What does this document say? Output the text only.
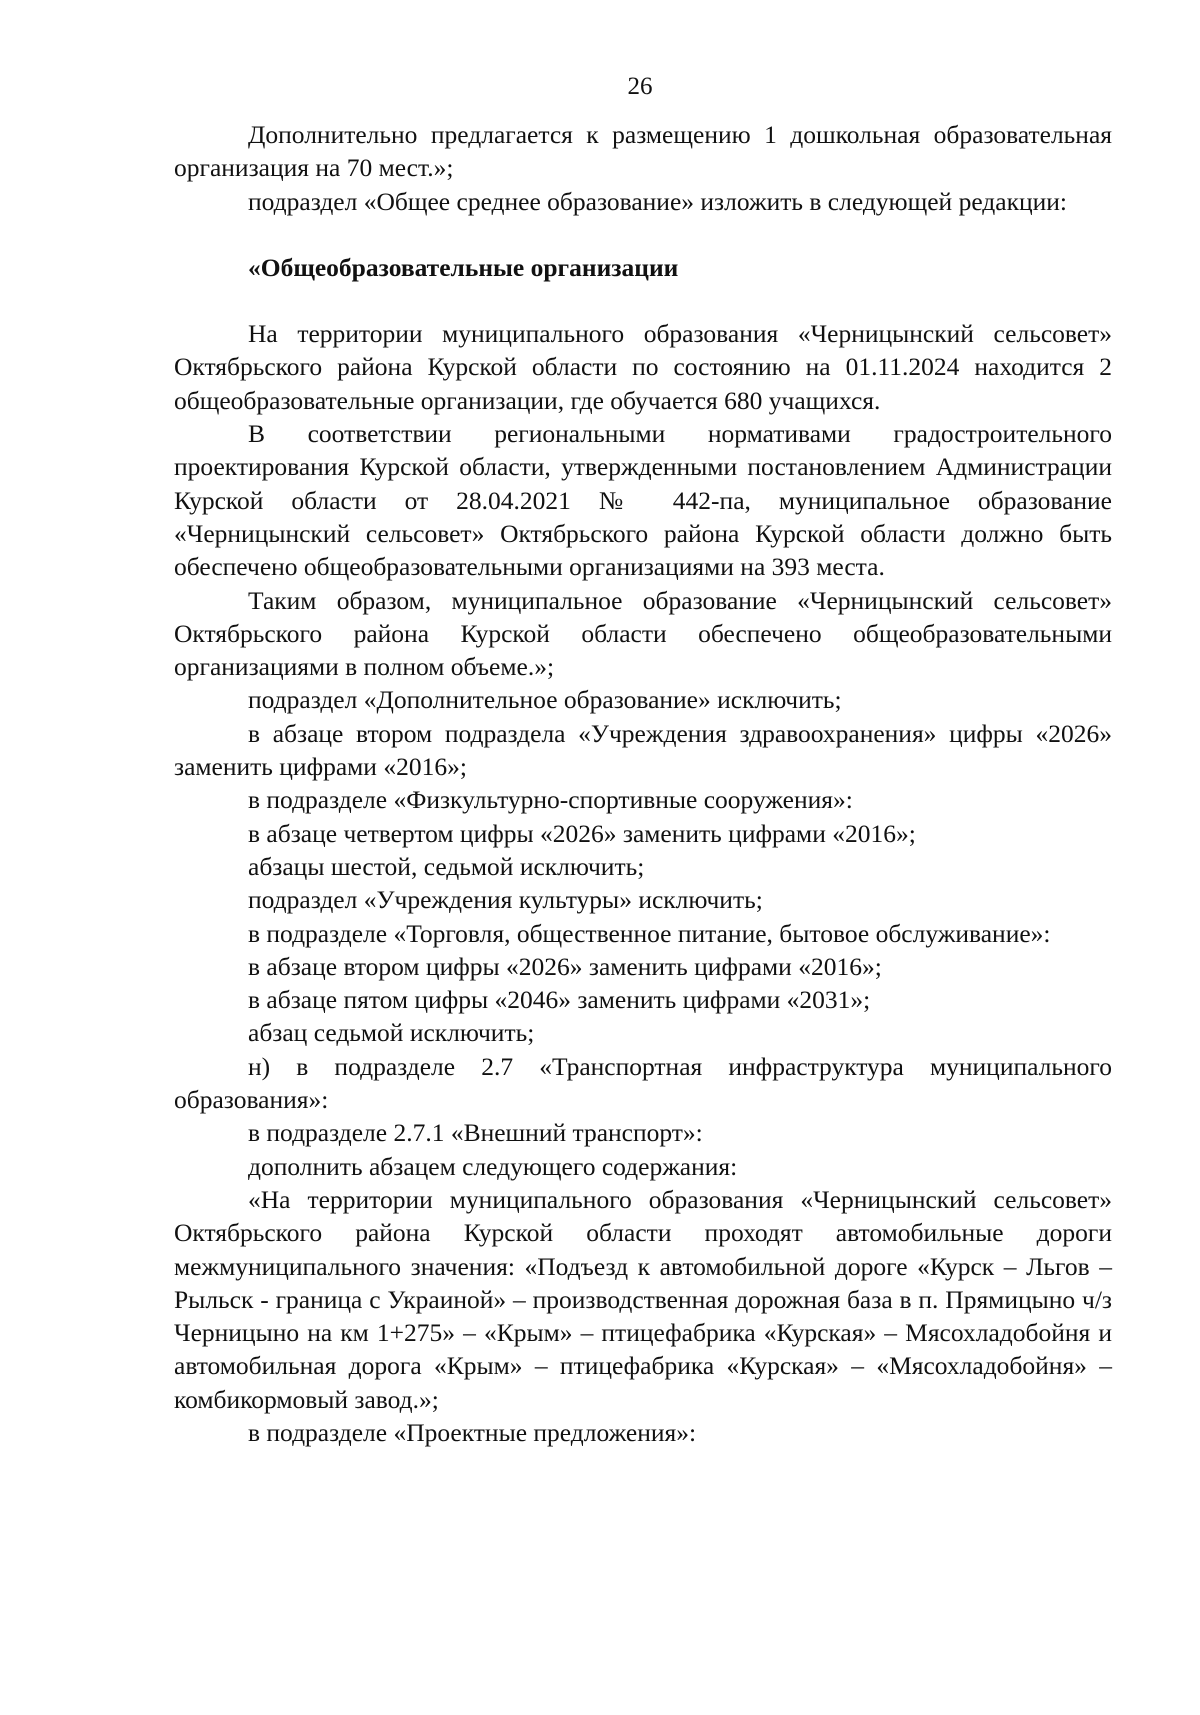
26

Дополнительно предлагается к размещению 1 дошкольная образовательная организация на 70 мест.»;

подраздел «Общее среднее образование» изложить в следующей редакции:

«Общеобразовательные организации

На территории муниципального образования «Черницынский сельсовет» Октябрьского района Курской области по состоянию на 01.11.2024 находится 2 общеобразовательные организации, где обучается 680 учащихся.

В соответствии региональными нормативами градостроительного проектирования Курской области, утвержденными постановлением Администрации Курской области от 28.04.2021 № 442-па, муниципальное образование «Черницынский сельсовет» Октябрьского района Курской области должно быть обеспечено общеобразовательными организациями на 393 места.

Таким образом, муниципальное образование «Черницынский сельсовет» Октябрьского района Курской области обеспечено общеобразовательными организациями в полном объеме.»;

подраздел «Дополнительное образование» исключить;

в абзаце втором подраздела «Учреждения здравоохранения» цифры «2026» заменить цифрами «2016»;

в подразделе «Физкультурно-спортивные сооружения»:

в абзаце четвертом цифры «2026» заменить цифрами «2016»;

абзацы шестой, седьмой исключить;

подраздел «Учреждения культуры» исключить;

в подразделе «Торговля, общественное питание, бытовое обслуживание»:

в абзаце втором цифры «2026» заменить цифрами «2016»;

в абзаце пятом цифры «2046» заменить цифрами «2031»;

абзац седьмой исключить;

н) в подразделе 2.7 «Транспортная инфраструктура муниципального образования»:

в подразделе 2.7.1 «Внешний транспорт»:

дополнить абзацем следующего содержания:

«На территории муниципального образования «Черницынский сельсовет» Октябрьского района Курской области проходят автомобильные дороги межмуниципального значения: «Подъезд к автомобильной дороге «Курск – Льгов – Рыльск - граница с Украиной» – производственная дорожная база в п. Прямицыно ч/з Черницыно на км 1+275» – «Крым» – птицефабрика «Курская» – Мясохладобойня и автомобильная дорога «Крым» – птицефабрика «Курская» – «Мясохладобойня» – комбикормовый завод.»;

в подразделе «Проектные предложения»:
